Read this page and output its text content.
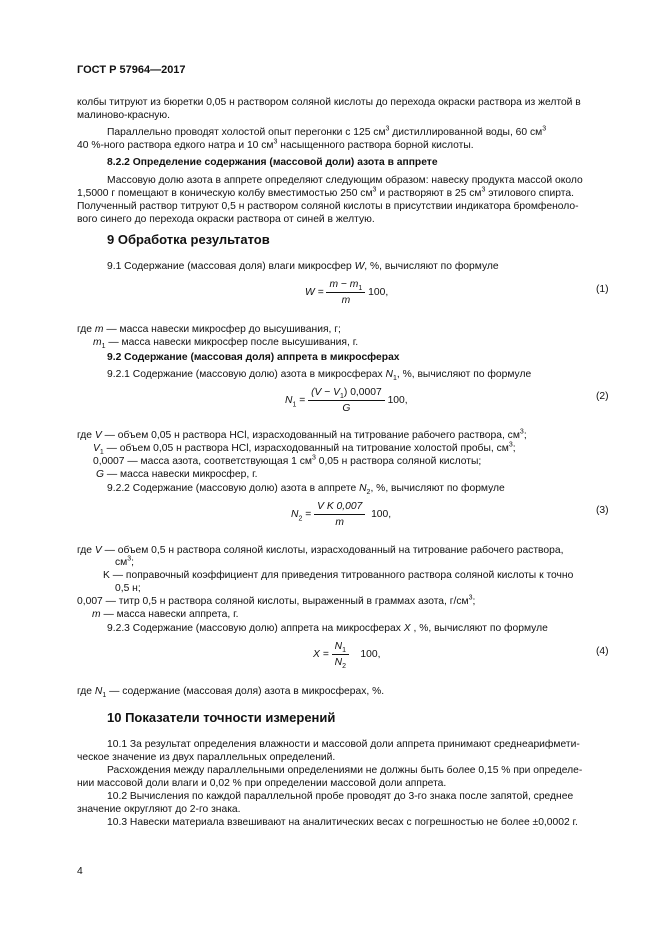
ГОСТ Р 57964—2017
колбы титруют из бюретки 0,05 н раствором соляной кислоты до перехода окраски раствора из желтой в
малиново-красную.
Параллельно проводят холостой опыт перегонки с 125 $см^3$ дистиллированной воды, 60 $см^3$
40 %-ного раствора едкого натра и 10 $см^3$ насыщенного раствора борной кислоты.
8.2.2 Определение содержания (массовой доли) азота в аппрете
Массовую долю азота в аппрете определяют следующим образом: навеску продукта массой около
1,5000 г помещают в коническую колбу вместимостью 250 $см^3$ и растворяют в 25 $см^3$ этилового спирта.
Полученный раствор титруют 0,5 н раствором соляной кислоты в присутствии индикатора бромфеноло-
вого синего до перехода окраски раствора от синей в желтую.
9 Обработка результатов
9.1 Содержание (массовая доля) влаги микросфер W, %, вычисляют по формуле
$W = \frac{m - m_1}{m} 100$,	(1)
где m — масса навески микросфер до высушивания, г;
$m_1$ — масса навески микросфер после высушивания, г.
9.2 Содержание (массовая доля) аппрета в микросферах
9.2.1 Содержание (массовую долю) азота в микросферах $N_1$, %, вычисляют по формуле
$N_1 = \frac{(V - V_1) 0,0007}{G} 100$,	(2)
где V — объем 0,05 н раствора HCl, израсходованный на титрование рабочего раствора, $см^3$;
$V_1$ — объем 0,05 н раствора HCl, израсходованный на титрование холостой пробы, $см^3$;
0,0007 — масса азота, соответствующая 1 $см^3$ 0,05 н раствора соляной кислоты;
G — масса навески микросфер, г.
9.2.2 Содержание (массовую долю) азота в аппрете $N_2$, %, вычисляют по формуле
$N_2 = \frac{\text{V K 0,007}}{m} 100$,	(3)
где V — объем 0,5 н раствора соляной кислоты, израсходованный на титрование рабочего раствора,
$см^3$;
K — поправочный коэффициент для приведения титрованного раствора соляной кислоты к точно
0,5 н;
0,007 — титр 0,5 н раствора соляной кислоты, выраженный в граммах азота, $г/см^3$;
m — масса навески аппрета, г.
9.2.3 Содержание (массовую долю) аппрета на микросферах X , %, вычисляют по формуле
$X = \frac{N_1}{N_2} 100$,	(4)
где $N_1$ — содержание (массовая доля) азота в микросферах, %.
10 Показатели точности измерений
10.1 За результат определения влажности и массовой доли аппрета принимают среднеарифмети-
ческое значение из двух параллельных определений.
Расхождения между параллельными определениями не должны быть более 0,15 % при определе-
нии массовой доли влаги и 0,02 % при определении массовой доли аппрета.
10.2 Вычисления по каждой параллельной пробе проводят до 3-го знака после запятой, среднее
значение округляют до 2-го знака.
10.3 Навески материала взвешивают на аналитических весах с погрешностью не более ±0,0002 г.
4
